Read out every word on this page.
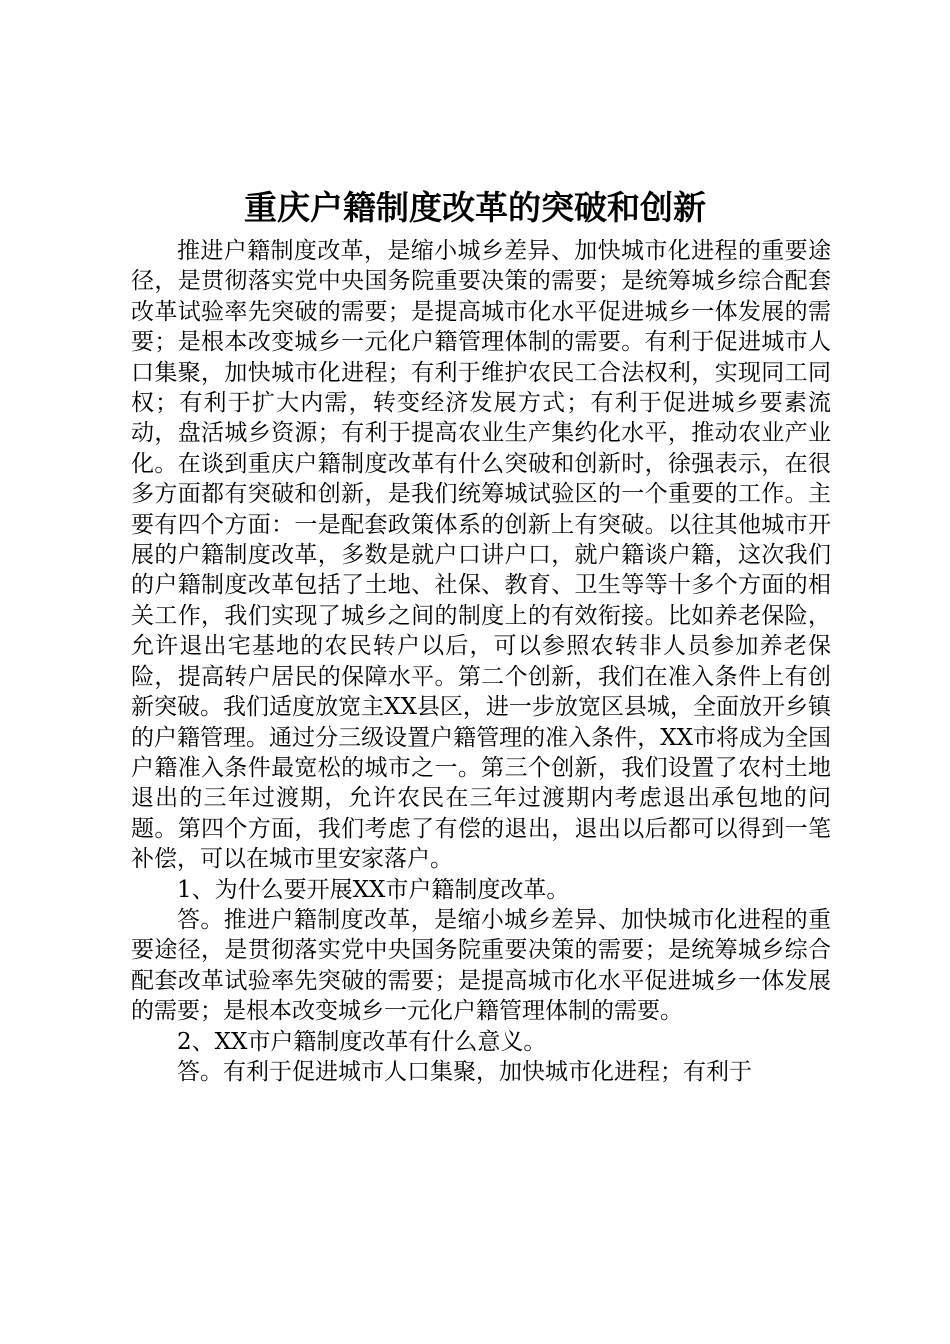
重庆户籍制度改革的突破和创新

推进户籍制度改革，是缩小城乡差异、加快城市化进程的重要途径，是贯彻落实党中央国务院重要决策的需要；是统筹城乡综合配套改革试验率先突破的需要；是提高城市化水平促进城乡一体发展的需要；是根本改变城乡一元化户籍管理体制的需要。有利于促进城市人口集聚，加快城市化进程；有利于维护农民工合法权利，实现同工同权；有利于扩大内需，转变经济发展方式；有利于促进城乡要素流动，盘活城乡资源；有利于提高农业生产集约化水平，推动农业产业化。在谈到重庆户籍制度改革有什么突破和创新时，徐强表示，在很多方面都有突破和创新，是我们统筹城试验区的一个重要的工作。主要有四个方面：一是配套政策体系的创新上有突破。以往其他城市开展的户籍制度改革，多数是就户口讲户口，就户籍谈户籍，这次我们的户籍制度改革包括了土地、社保、教育、卫生等等十多个方面的相关工作，我们实现了城乡之间的制度上的有效衔接。比如养老保险，允许退出宅基地的农民转户以后，可以参照农转非人员参加养老保险，提高转户居民的保障水平。第二个创新，我们在准入条件上有创新突破。我们适度放宽主XX县区，进一步放宽区县城，全面放开乡镇的户籍管理。通过分三级设置户籍管理的准入条件，XX市将成为全国户籍准入条件最宽松的城市之一。第三个创新，我们设置了农村土地退出的三年过渡期，允许农民在三年过渡期内考虑退出承包地的问题。第四个方面，我们考虑了有偿的退出，退出以后都可以得到一笔补偿，可以在城市里安家落户。

1、为什么要开展XX市户籍制度改革。

答。推进户籍制度改革，是缩小城乡差异、加快城市化进程的重要途径，是贯彻落实党中央国务院重要决策的需要；是统筹城乡综合配套改革试验率先突破的需要；是提高城市化水平促进城乡一体发展的需要；是根本改变城乡一元化户籍管理体制的需要。

2、XX市户籍制度改革有什么意义。

答。有利于促进城市人口集聚，加快城市化进程；有利于
